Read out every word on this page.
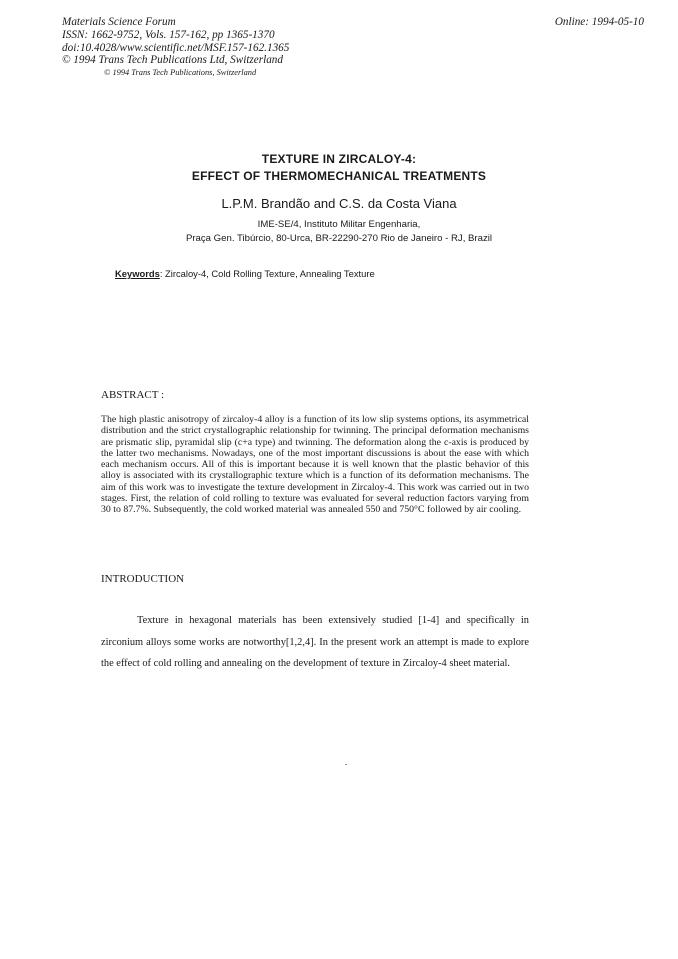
Materials Science Forum
ISSN: 1662-9752, Vols. 157-162, pp 1365-1370
doi:10.4028/www.scientific.net/MSF.157-162.1365
© 1994 Trans Tech Publications Ltd, Switzerland
Online: 1994-05-10
© 1994 Trans Tech Publications, Switzerland
TEXTURE IN ZIRCALOY-4:
EFFECT OF THERMOMECHANICAL TREATMENTS
L.P.M. Brandão and C.S. da Costa Viana
IME-SE/4, Instituto Militar Engenharia,
Praça Gen. Tibúrcio, 80-Urca, BR-22290-270 Rio de Janeiro - RJ, Brazil
Keywords: Zircaloy-4, Cold Rolling Texture, Annealing Texture
ABSTRACT :

The high plastic anisotropy of zircaloy-4 alloy is a function of its low slip systems options, its asymmetrical distribution and the strict crystallographic relationship for twinning. The principal deformation mechanisms are prismatic slip, pyramidal slip (c+a type) and twinning. The deformation along the c-axis is produced by the latter two mechanisms. Nowadays, one of the most important discussions is about the ease with which each mechanism occurs. All of this is important because it is well known that the plastic behavior of this alloy is associated with its crystallographic texture which is a function of its deformation mechanisms. The aim of this work was to investigate the texture development in Zircaloy-4. This work was carried out in two stages. First, the relation of cold rolling to texture was evaluated for several reduction factors varying from 30 to 87.7%. Subsequently, the cold worked material was annealed 550 and 750°C followed by air cooling.

INTRODUCTION

Texture in hexagonal materials has been extensively studied [1-4] and specifically in zirconium alloys some works are notworthy[1,2,4]. In the present work an attempt is made to explore the effect of cold rolling and annealing on the development of texture in Zircaloy-4 sheet material.
